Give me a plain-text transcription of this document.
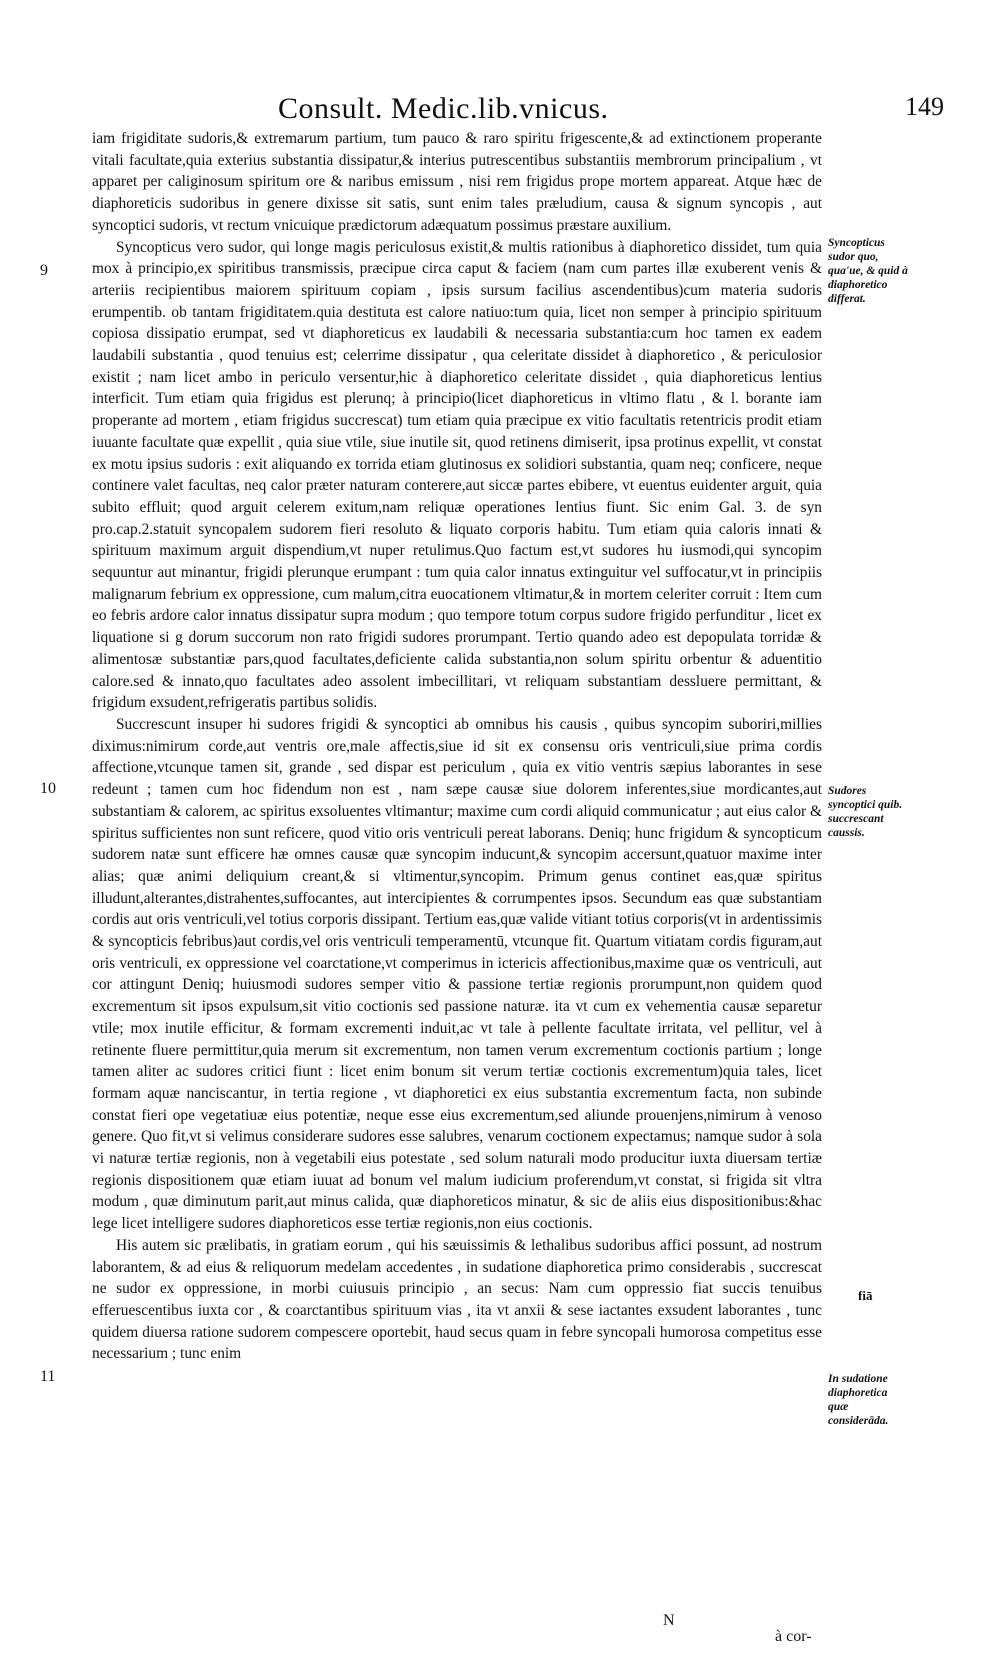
Consult. Medic.lib.vnicus.	149

iam frigiditate sudoris,& extremarum partium, tum pauco & raro spiritu frigescente,& ad extinctionem properante vitali facultate,quia exterius substantia dissipatur,& interius putrescentibus substantiis membrorum principalium , vt apparet per caliginosum spiritum ore & naribus emissum , nisi rem frigidus prope mortem appareat. Atque hæc de diaphoreticis sudoribus in genere dixisse sit satis, sunt enim tales præludium, causa & signum syncopis , aut syncoptici sudoris, vt rectum vnicuique prædictorum adæquatum possimus præstare auxilium.

Syncopticus vero sudor, qui longe magis periculosus existit,& multis rationibus à diaphoretico dissidet, tum quia mox à principio,ex spiritibus transmissis, præcipue circa caput & faciem (nam cum partes illæ exuberent venis & arteriis recipientibus maiorem spirituum copiam , ipsis sursum facilius ascendentibus)cum materia sudoris erumpentib. ob tantam frigiditatem.quia destituta est calore natiuo:tum quia, licet non semper à principio spirituum copiosa dissipatio erumpat, sed vt diaphoreticus ex laudabili & necessaria substantia:cum hoc tamen ex eadem laudabili substantia , quod tenuius est; celerrime dissipatur , qua celeritate dissidet à diaphoretico , & periculosior existit ; nam licet ambo in periculo versentur,hic à diaphoretico celeritate dissidet , quia diaphoreticus lentius interficit. Tum etiam quia frigidus est plerunq; à principio(licet diaphoreticus in vltimo flatu , & l. borante iam properante ad mortem , etiam frigidus succrescat) tum etiam quia præcipue ex vitio facultatis retentricis prodit etiam iuuante facultate quæ expellit , quia siue vtile, siue inutile sit, quod retinens dimiserit, ipsa protinus expellit, vt constat ex motu ipsius sudoris : exit aliquando ex torrida etiam glutinosus ex solidiori substantia, quam neq; conficere, neque continere valet facultas, neq calor præter naturam conterere,aut siccæ partes ebibere, vt euentus euidenter arguit, quia subito effluit; quod arguit celerem exitum,nam reliquæ operationes lentius fiunt. Sic enim Gal. 3. de syn pro.cap.2.statuit syncopalem sudorem fieri resoluto & liquato corporis habitu. Tum etiam quia caloris innati & spirituum maximum arguit dispendium,vt nuper retulimus.Quo factum est,vt sudores hu iusmodi,qui syncopim sequuntur aut minantur, frigidi plerunque erumpant : tum quia calor innatus extinguitur vel suffocatur,vt in principiis malignarum febrium ex oppressione, cum malum,citra euocationem vltimatur,& in mortem celeriter corruit : Item cum eo febris ardore calor innatus dissipatur supra modum ; quo tempore totum corpus sudore frigido perfunditur , licet ex liquatione si g dorum succorum non rato frigidi sudores prorumpant. Tertio quando adeo est depopulata torridæ & alimentosæ substantiæ pars,quod facultates,deficiente calida substantia,non solum spiritu orbentur & aduentitio calore.sed & innato,quo facultates adeo assolent imbecillitari, vt reliquam substantiam dessluere permittant, & frigidum exsudent,refrigeratis partibus solidis.

Succrescunt insuper hi sudores frigidi & syncoptici ab omnibus his causis , quibus syncopim suboriri,millies diximus:nimirum corde,aut ventris ore,male affectis,siue id sit ex consensu oris ventriculi,siue prima cordis affectione,vtcunque tamen sit, grande , sed dispar est periculum , quia ex vitio ventris sæpius laborantes in sese redeunt ; tamen cum hoc fidendum non est , nam sæpe causæ siue dolorem inferentes,siue mordicantes,aut substantiam & calorem, ac spiritus exsoluentes vltimantur; maxime cum cordi aliquid communicatur ; aut eius calor & spiritus sufficientes non sunt reficere, quod vitio oris ventriculi pereat laborans. Deniq; hunc frigidum & syncopticum sudorem natæ sunt efficere hæ omnes causæ quæ syncopim inducunt,& syncopim accersunt,quatuor maxime inter alias; quæ animi deliquium creant,& si vltimentur,syncopim. Primum genus continet eas,quæ spiritus illudunt,alterantes,distrahentes,suffocantes, aut intercipientes & corrumpentes ipsos. Secundum eas quæ substantiam cordis aut oris ventriculi,vel totius corporis dissipant. Tertium eas,quæ valide vitiant totius corporis(vt in ardentissimis & syncopticis febribus)aut cordis,vel oris ventriculi temperamentū, vtcunque fit. Quartum vitiatam cordis figuram,aut oris ventriculi, ex oppressione vel coarctatione,vt comperimus in ictericis affectionibus,maxime quæ os ventriculi, aut cor attingunt Deniq; huiusmodi sudores semper vitio & passione tertiæ regionis prorumpunt,non quidem quod excrementum sit ipsos expulsum,sit vitio coctionis sed passione naturæ. ita vt cum ex vehementia causæ separetur vtile; mox inutile efficitur, & formam excrementi induit,ac vt tale à pellente facultate irritata, vel pellitur, vel à retinente fluere permittitur,quia merum sit excrementum, non tamen verum excrementum coctionis partium ; longe tamen aliter ac sudores critici fiunt : licet enim bonum sit verum tertiæ coctionis excrementum)quia tales, licet formam aquæ nanciscantur, in tertia regione , vt diaphoretici ex eius substantia excrementum facta, non subinde constat fieri ope vegetatiuæ eius potentiæ, neque esse eius excrementum,sed aliunde prouenjens,nimirum à venoso genere. Quo fit,vt si velimus considerare sudores esse salubres, venarum coctionem expectamus; namque sudor à sola vi naturæ tertiæ regionis, non à vegetabili eius potestate , sed solum naturali modo producitur iuxta diuersam tertiæ regionis dispositionem quæ etiam iuuat ad bonum vel malum iudicium proferendum,vt constat, si frigida sit vltra modum , quæ diminutum parit,aut minus calida, quæ diaphoreticos minatur, & sic de aliis eius dispositionibus:&hac lege licet intelligere sudores diaphoreticos esse tertiæ regionis,non eius coctionis.

His autem sic prælibatis, in gratiam eorum , qui his sæuissimis & lethalibus sudoribus affici possunt, ad nostrum laborantem, & ad eius & reliquorum medelam accedentes , in sudatione diaphoretica primo considerabis , succrescat ne sudor ex oppressione, in morbi cuiusuis principio , an secus: Nam cum oppressio fiat succis tenuibus efferuescentibus iuxta cor , & coarctantibus spirituum vias , ita vt anxii & sese iactantes exsudent laborantes , tunc quidem diuersa ratione sudorem compescere oportebit, haud secus quam in febre syncopali humorosa competitus esse necessarium ; tunc enim

9
10
11
Syncopticus sudor quo, qua'ue, & quid à diaphoretico differat.
Sudores syncoptici quib. succrescant caussis.
In sudatione diaphoretica quæ considerāda.
fiā
N
à cor-
